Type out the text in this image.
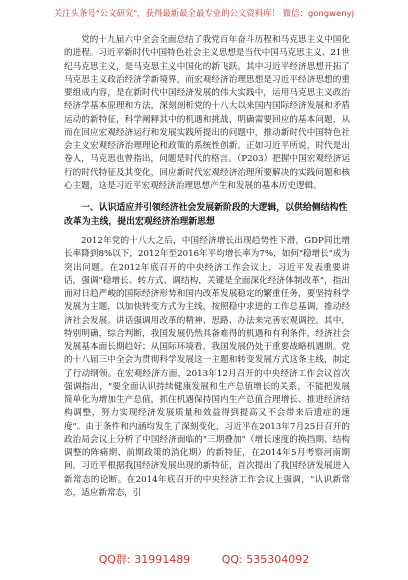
关注头条号"公文研究"，获得最新最全最专业的公文资料库！ 微信：gongwenyj

党的十九届六中全会全面总结了我党百年奋斗历程和马克思主义中国化的进程。习近平新时代中国特色社会主义思想是当代中国马克思主义、21世纪马克思主义，是马克思主义中国化的新飞跃。其中习近平经济思想开拓了马克思主义政治经济学新境界，而宏观经济治理思想是习近平经济思想的重要组成内容，是在新时代中国经济发展的伟大实践中，运用马克思主义政治经济学基本原理和方法，深刻剖析党的十八大以来国内国际经济发展和矛盾运动的新特征，科学阐释其中的机遇和挑战，明确需要回应的基本问题，从而在回应宏观经济运行和发展实践所提出的问题中，推动新时代中国特色社会主义宏观经济治理理论和政策的系统性创新。正如习近平所说，时代是出卷人，马克思也曾指出，问题是时代的格言。（P203）把握中国宏观经济运行的时代特征及其变化，回应新时代宏观经济治理所要解决的实践问题和核心主题，这是习近平宏观经济治理思想产生和发展的基本历史逻辑。

一、认识适应并引领经济社会发展新阶段的大逻辑，以供给侧结构性改革为主线，提出宏观经济治理新思想

2012年党的十八大之后，中国经济增长出现趋势性下滑，GDP同比增长率降到8%以下，2012年至2016年平均增长率为7%，如何"稳增长"成为突出问题。在2012年底召开的中央经济工作会议上，习近平发表重要讲话，强调"稳增长、转方式、调结构，关键是全面深化经济体制改革"，指出面对日趋严峻的国际经济形势和国内改革发展稳定的繁重任务，要坚持科学发展为主题，以加快转变方式为主线，按照稳中求进的工作总基调，推动经济社会发展。讲话强调用改革的精神、思路、办法来完善宏观调控。其中，特别明确，综合判断，我国发展仍然具备难得的机遇和有利条件，经济社会发展基本面长期趋好；从国际环境看，我国发展仍处于重要战略机遇期。党的十八届三中全会为贯彻科学发展这一主题和转变发展方式这条主线，制定了行动纲领。在宏观经济方面，2013年12月召开的中央经济工作会议首次强调指出，"要全面认识持续健康发展和生产总值增长的关系，不能把发展简单化为增加生产总值，抓住机遇保持国内生产总值合理增长、推进经济结构调整，努力实现经济发展质量和效益得到提高又不会带来后遗症的速度"。由于条件和内涵均发生了深刻变化，习近平在2013年7月25日召开的政治局会议上分析了中国经济面临的"三期叠加"（增长速度的换挡期、结构调整的阵痛期、前期政策的消化期）的新特征，在2014年5月考察河南期间，习近平根据我国经济发展出现的新特征，首次提出了我国经济发展进入新常态的论断。在2014年底召开的中央经济工作会议上强调，"认识新常态，适应新常态，引

QQ群: 31991489	QQ: 535304092
